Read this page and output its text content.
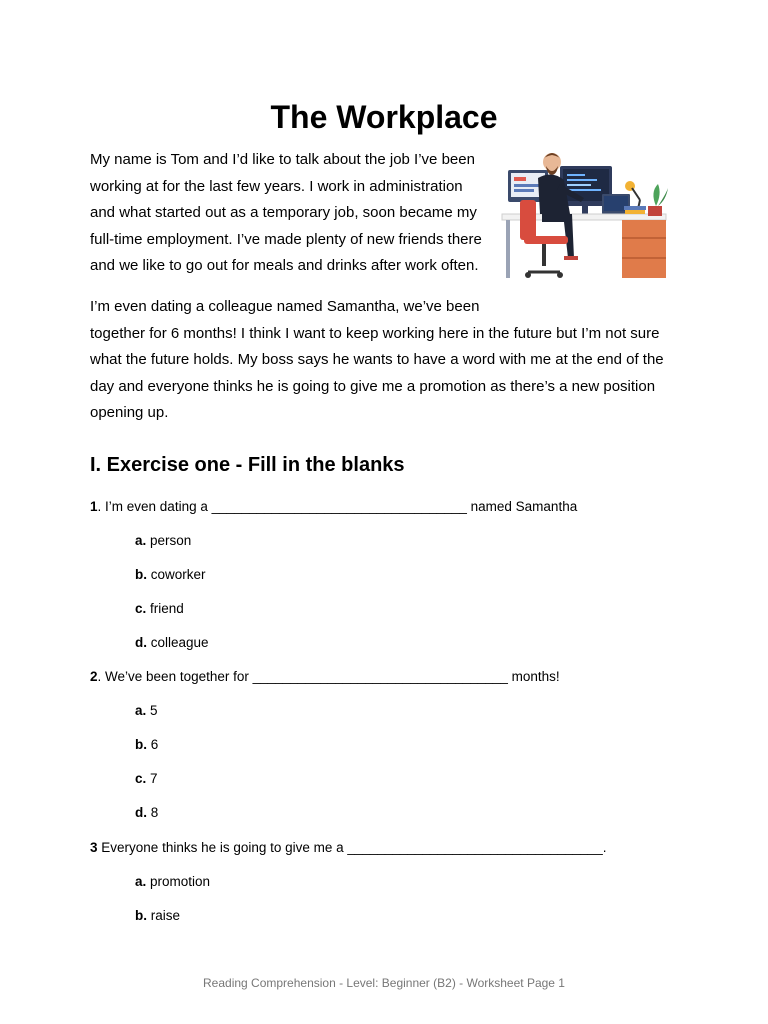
The Workplace

My name is Tom and I’d like to talk about the job I’ve been
working at for the last few years. I work in administration
and what started out as a temporary job, soon became my
full-time employment. I’ve made plenty of new friends there
and we like to go out for meals and drinks after work often.

I’m even dating a colleague named Samantha, we’ve been
together for 6 months! I think I want to keep working here in the future but I’m not sure
what the future holds. My boss says he wants to have a word with me at the end of the
day and everyone thinks he is going to give me a promotion as there’s a new position
opening up.

I. Exercise one - Fill in the blanks

1. I’m even dating a __________________________________ named Samantha

a. person

b. coworker

c. friend

d. colleague

2. We’ve been together for __________________________________ months!

a. 5

b. 6

c. 7

d. 8

3 Everyone thinks he is going to give me a __________________________________.

a. promotion

b. raise

Reading Comprehension - Level: Beginner (B2) - Worksheet Page 1
